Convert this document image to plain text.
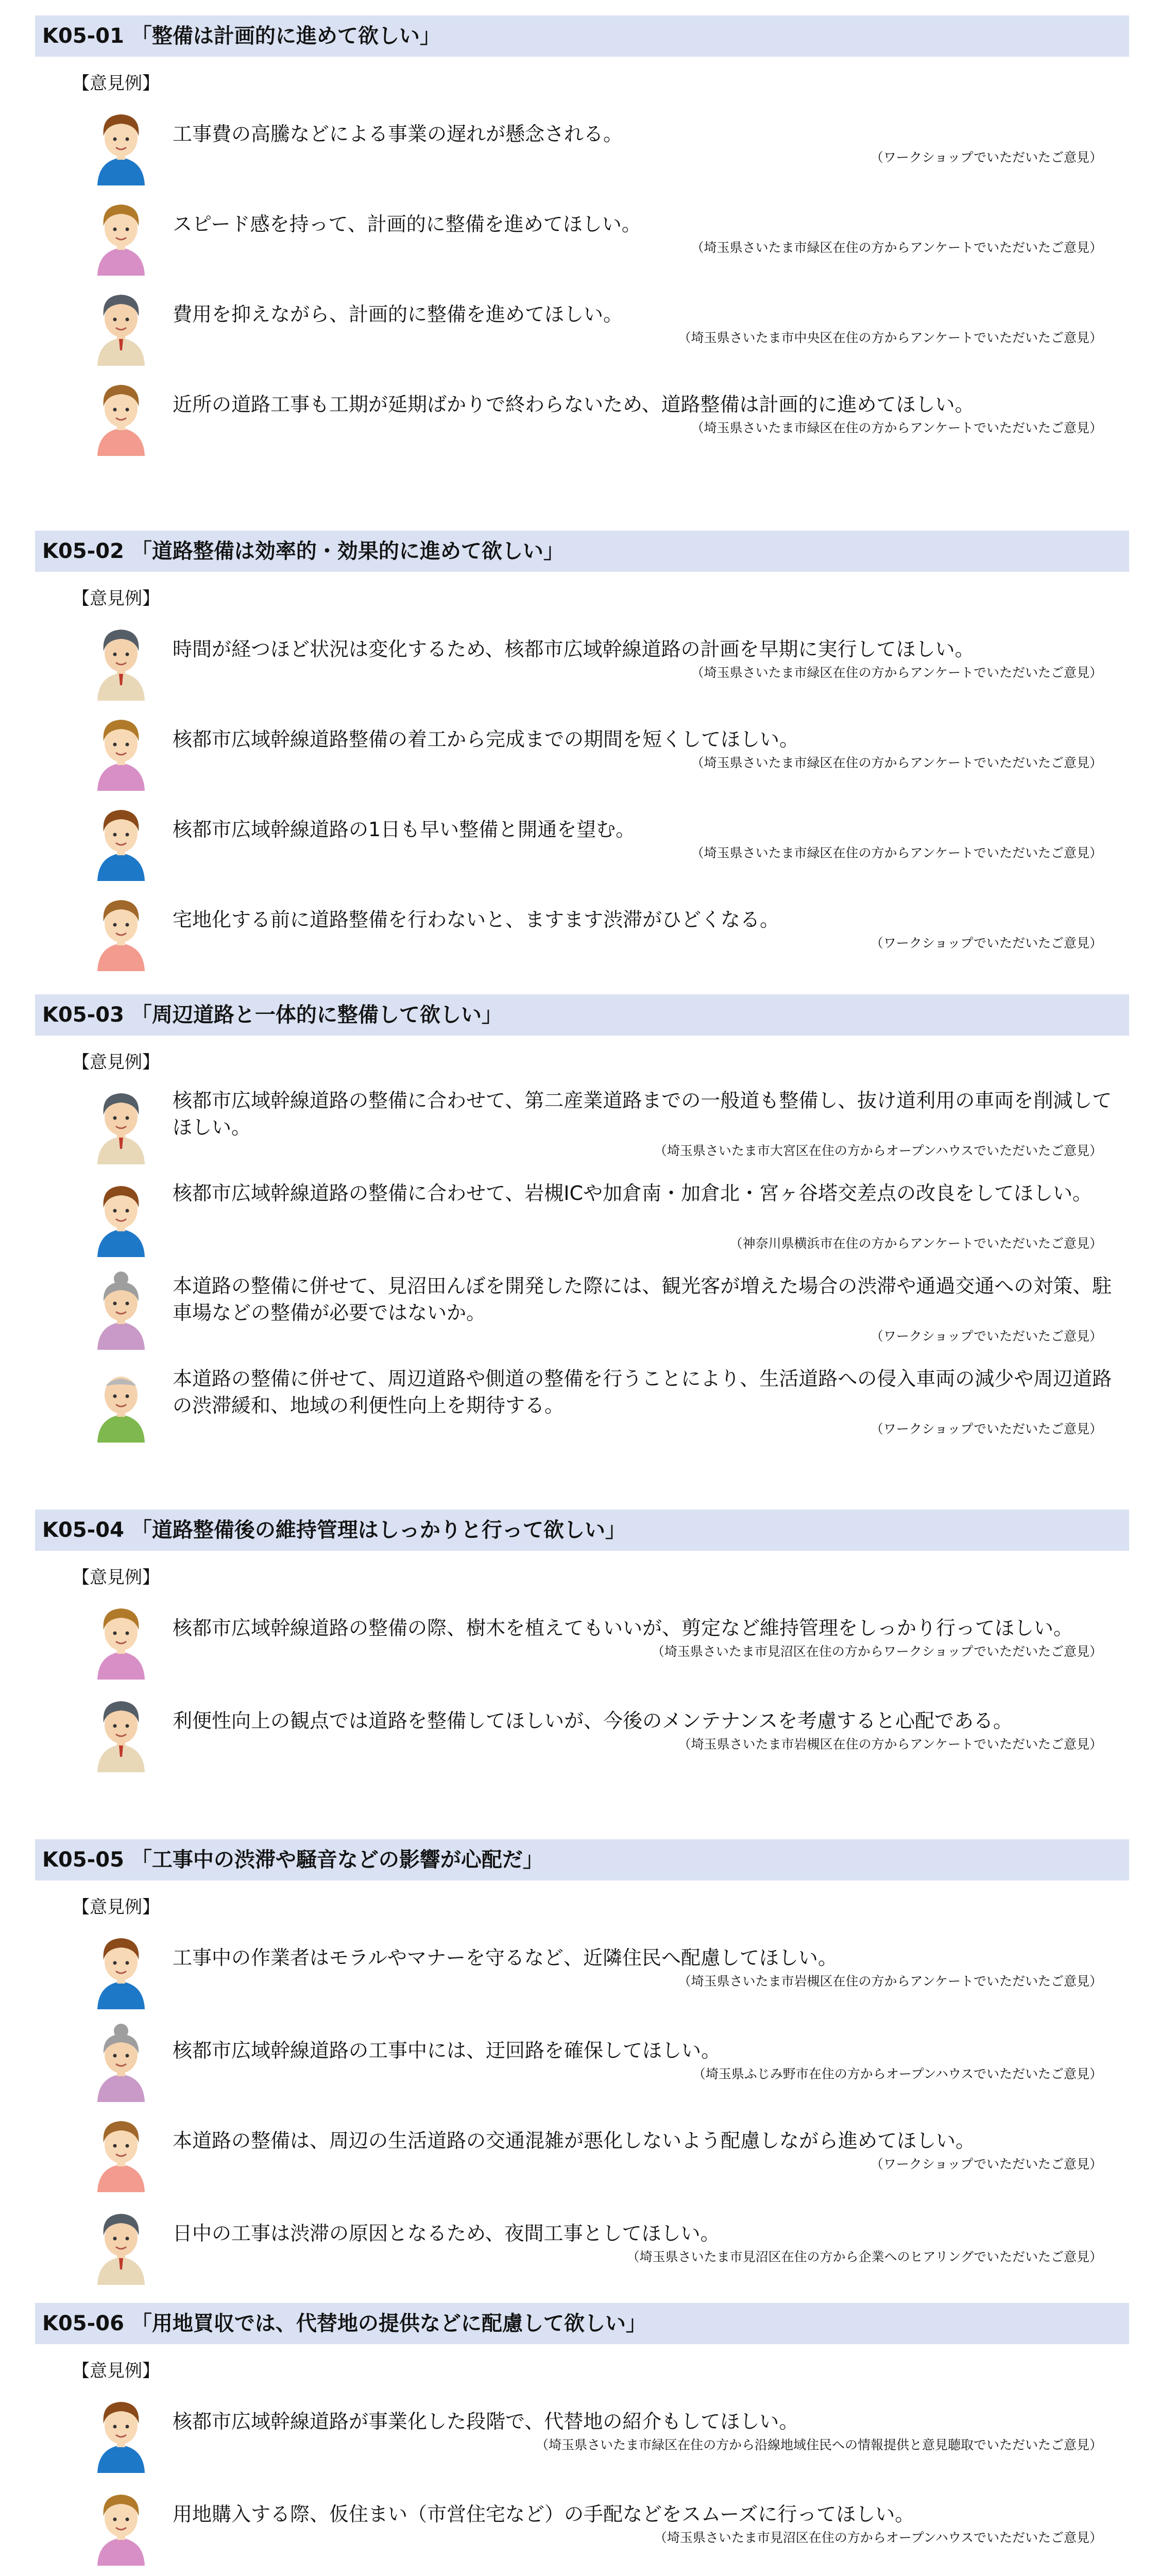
K05-01 「整備は計画的に進めて欲しい」
【意見例】
工事費の高騰などによる事業の遅れが懸念される。
（ワークショップでいただいたご意見）
スピード感を持って、計画的に整備を進めてほしい。
（埼玉県さいたま市緑区在住の方からアンケートでいただいたご意見）
費用を抑えながら、計画的に整備を進めてほしい。
（埼玉県さいたま市中央区在住の方からアンケートでいただいたご意見）
近所の道路工事も工期が延期ばかりで終わらないため、道路整備は計画的に進めてほしい。
（埼玉県さいたま市緑区在住の方からアンケートでいただいたご意見）
K05-02 「道路整備は効率的・効果的に進めて欲しい」
【意見例】
時間が経つほど状況は変化するため、核都市広域幹線道路の計画を早期に実行してほしい。
（埼玉県さいたま市緑区在住の方からアンケートでいただいたご意見）
核都市広域幹線道路整備の着工から完成までの期間を短くしてほしい。
（埼玉県さいたま市緑区在住の方からアンケートでいただいたご意見）
核都市広域幹線道路の1日も早い整備と開通を望む。
（埼玉県さいたま市緑区在住の方からアンケートでいただいたご意見）
宅地化する前に道路整備を行わないと、ますます渋滞がひどくなる。
（ワークショップでいただいたご意見）
K05-03 「周辺道路と一体的に整備して欲しい」
【意見例】
核都市広域幹線道路の整備に合わせて、第二産業道路までの一般道も整備し、抜け道利用の車両を削減してほしい。
（埼玉県さいたま市大宮区在住の方からオープンハウスでいただいたご意見）
核都市広域幹線道路の整備に合わせて、岩槻ICや加倉南・加倉北・宮ヶ谷塔交差点の改良をしてほしい。
（神奈川県横浜市在住の方からアンケートでいただいたご意見）
本道路の整備に併せて、見沼田んぼを開発した際には、観光客が増えた場合の渋滞や通過交通への対策、駐車場などの整備が必要ではないか。
（ワークショップでいただいたご意見）
本道路の整備に併せて、周辺道路や側道の整備を行うことにより、生活道路への侵入車両の減少や周辺道路の渋滞緩和、地域の利便性向上を期待する。
（ワークショップでいただいたご意見）
K05-04 「道路整備後の維持管理はしっかりと行って欲しい」
【意見例】
核都市広域幹線道路の整備の際、樹木を植えてもいいが、剪定など維持管理をしっかり行ってほしい。
（埼玉県さいたま市見沼区在住の方からワークショップでいただいたご意見）
利便性向上の観点では道路を整備してほしいが、今後のメンテナンスを考慮すると心配である。
（埼玉県さいたま市岩槻区在住の方からアンケートでいただいたご意見）
K05-05 「工事中の渋滞や騒音などの影響が心配だ」
【意見例】
工事中の作業者はモラルやマナーを守るなど、近隣住民へ配慮してほしい。
（埼玉県さいたま市岩槻区在住の方からアンケートでいただいたご意見）
核都市広域幹線道路の工事中には、迂回路を確保してほしい。
（埼玉県ふじみ野市在住の方からオープンハウスでいただいたご意見）
本道路の整備は、周辺の生活道路の交通混雑が悪化しないよう配慮しながら進めてほしい。
（ワークショップでいただいたご意見）
日中の工事は渋滞の原因となるため、夜間工事としてほしい。
（埼玉県さいたま市見沼区在住の方から企業へのヒアリングでいただいたご意見）
K05-06 「用地買収では、代替地の提供などに配慮して欲しい」
【意見例】
核都市広域幹線道路が事業化した段階で、代替地の紹介もしてほしい。
（埼玉県さいたま市緑区在住の方から沿線地域住民への情報提供と意見聴取でいただいたご意見）
用地購入する際、仮住まい（市営住宅など）の手配などをスムーズに行ってほしい。
（埼玉県さいたま市見沼区在住の方からオープンハウスでいただいたご意見）
